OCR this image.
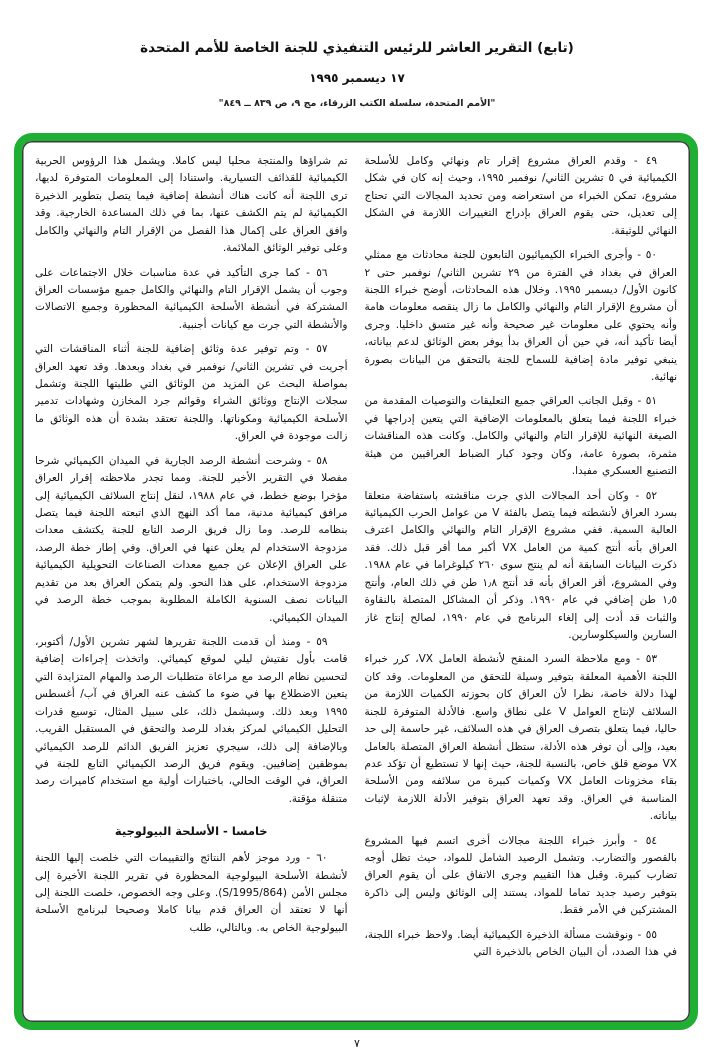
(تابع) التقرير العاشر للرئيس التنفيذي للجنة الخاصة للأمم المتحدة
١٧ ديسمبر ١٩٩٥
"الأمم المتحدة، سلسلة الكتب الزرقاء، مج ٩، ص ٨٣٩ ــ ٨٤٩"

٤٩ - وقدم العراق مشروع إقرار تام ونهائي وكامل للأسلحة الكيميائية في ٥ تشرين الثاني/ نوفمبر ١٩٩٥، وحيث إنه كان في شكل مشروع، تمكن الخبراء من استعراضه ومن تحديد المجالات التي تحتاج إلى تعديل، حتى يقوم العراق بإدراج التغييرات اللازمة في الشكل النهائي للوثيقة.

٥٠ - وأجرى الخبراء الكيميائيون التابعون للجنة محادثات مع ممثلي العراق في بغداد في الفترة من ٢٩ تشرين الثاني/ نوفمبر حتى ٢ كانون الأول/ ديسمبر ١٩٩٥. وخلال هذه المحادثات، أوضح خبراء اللجنة أن مشروع الإقرار التام والنهائي والكامل ما زال ينقصه معلومات هامة وأنه يحتوي على معلومات غير صحيحة وأنه غير متسق داخليا. وجرى أيضا تأكيد أنه، في حين أن العراق بدأ يوفر بعض الوثائق لدعم بياناته، ينبغي توفير مادة إضافية للسماح للجنة بالتحقق من البيانات بصورة نهائية.

٥١ - وقبل الجانب العراقي جميع التعليقات والتوصيات المقدمة من خبراء اللجنة فيما يتعلق بالمعلومات الإضافية التي يتعين إدراجها في الصيغة النهائية للإقرار التام والنهائي والكامل. وكانت هذه المناقشات مثمرة، بصورة عامة، وكان وجود كبار الضباط العراقيين من هيئة التصنيع العسكري مفيدا.

٥٢ - وكان أحد المجالات الذي جرت مناقشته باستفاضة متعلقا بسرد العراق لأنشطته فيما يتصل بالفئة V من عوامل الحرب الكيميائية العالية السمية. ففي مشروع الإقرار التام والنهائي والكامل اعترف العراق بأنه أنتج كمية من العامل VX أكبر مما أقر قبل ذلك. فقد ذكرت البيانات السابقة أنه لم ينتج سوى ٢٦٠ كيلوغراما في عام ١٩٨٨. وفي المشروع، أقر العراق بأنه قد أنتج ١٫٨ طن في ذلك العام، وأنتج ١٫٥ طن إضافي في عام ١٩٩٠. وذكر أن المشاكل المتصلة بالنقاوة والثبات قد أدت إلى إلغاء البرنامج في عام ١٩٩٠، لصالح إنتاج غاز السارين والسيكلوسارين.

٥٣ - ومع ملاحظة السرد المنقح لأنشطة العامل VX، كرر خبراء اللجنة الأهمية المعلقة بتوفير وسيلة للتحقق من المعلومات. وقد كان لهذا دلالة خاصة، نظرا لأن العراق كان بحوزته الكميات اللازمة من السلائف لإنتاج العوامل V على نطاق واسع. فالأدلة المتوفرة للجنة حاليا، فيما يتعلق بتصرف العراق في هذه السلائف، غير حاسمة إلى حد بعيد، وإلى أن توفر هذه الأدلة، ستظل أنشطة العراق المتصلة بالعامل VX موضع قلق خاص، بالنسبة للجنة، حيث إنها لا تستطيع أن تؤكد عدم بقاء مخزونات العامل VX وكميات كبيرة من سلائفه ومن الأسلحة المناسبة في العراق. وقد تعهد العراق بتوفير الأدلة اللازمة لإثبات بياناته.

٥٤ - وأبرز خبراء اللجنة مجالات أخرى اتسم فيها المشروع بالقصور والتضارب. وتشمل الرصيد الشامل للمواد، حيث تظل أوجه تضارب كبيرة. وقبل هذا التقييم وجرى الاتفاق على أن يقوم العراق بتوفير رصيد جديد تماما للمواد، يستند إلى الوثائق وليس إلى ذاكرة المشتركين في الأمر فقط.

٥٥ - ونوقشت مسألة الذخيرة الكيميائية أيضا. ولاحظ خبراء اللجنة، في هذا الصدد، أن البيان الخاص بالذخيرة التي

تم شراؤها والمنتجة محليا ليس كاملا. ويشمل هذا الرؤوس الحربية الكيميائية للقذائف التسيارية. واستنادا إلى المعلومات المتوفرة لديها، ترى اللجنة أنه كانت هناك أنشطة إضافية فيما يتصل بتطوير الذخيرة الكيميائية لم يتم الكشف عنها، بما في ذلك المساعدة الخارجية. وقد وافق العراق على إكمال هذا الفصل من الإقرار التام والنهائي والكامل وعلى توفير الوثائق الملائمة.

٥٦ - كما جرى التأكيد في عدة مناسبات خلال الاجتماعات على وجوب أن يشمل الإقرار التام والنهائي والكامل جميع مؤسسات العراق المشتركة في أنشطة الأسلحة الكيميائية المحظورة وجميع الاتصالات والأنشطة التي جرت مع كيانات أجنبية.

٥٧ - وتم توفير عدة وثائق إضافية للجنة أثناء المناقشات التي أجريت في تشرين الثاني/ نوفمبر في بغداد وبعدها. وقد تعهد العراق بمواصلة البحث عن المزيد من الوثائق التي طلبتها اللجنة وتشمل سجلات الإنتاج ووثائق الشراء وقوائم جرد المخازن وشهادات تدمير الأسلحة الكيميائية ومكوناتها. واللجنة تعتقد بشدة أن هذه الوثائق ما زالت موجودة في العراق.

٥٨ - وشرحت أنشطة الرصد الجارية في الميدان الكيميائي شرحا مفصلا في التقرير الأخير للجنة. ومما تجدر ملاحظته إقرار العراق مؤخرا بوضع خطط، في عام ١٩٨٨، لنقل إنتاج السلائف الكيميائية إلى مرافق كيميائية مدنية، مما أكد النهج الذي اتبعته اللجنة فيما يتصل بنظامه للرصد. وما زال فريق الرصد التابع للجنة يكتشف معدات مزدوجة الاستخدام لم يعلن عنها في العراق. وفي إطار خطة الرصد، على العراق الإعلان عن جميع معدات الصناعات التحويلية الكيميائية مزدوجة الاستخدام، على هذا النحو. ولم يتمكن العراق بعد من تقديم البيانات نصف السنوية الكاملة المطلوبة بموجب خطة الرصد في الميدان الكيميائي.

٥٩ - ومنذ أن قدمت اللجنة تقريرها لشهر تشرين الأول/ أكتوبر، قامت بأول تفتيش ليلي لموقع كيميائي. واتخذت إجراءات إضافية لتحسين نظام الرصد مع مراعاة متطلبات الرصد والمهام المتزايدة التي يتعين الاضطلاع بها في ضوء ما كشف عنه العراق في آب/ أغسطس ١٩٩٥ وبعد ذلك. وسيشمل ذلك، على سبيل المثال، توسيع قدرات التحليل الكيميائي لمركز بغداد للرصد والتحقق في المستقبل القريب. وبالإضافة إلى ذلك، سيجري تعزيز الفريق الدائم للرصد الكيميائي بموظفين إضافيين. ويقوم فريق الرصد الكيميائي التابع للجنة في العراق، في الوقت الحالي، باختبارات أولية مع استخدام كاميرات رصد متنقلة مؤقتة.

خامسا - الأسلحة البيولوجية

٦٠ - ورد موجز لأهم النتائج والتقييمات التي خلصت إليها اللجنة لأنشطة الأسلحة البيولوجية المحظورة في تقرير اللجنة الأخيرة إلى مجلس الأمن (S/1995/864). وعلى وجه الخصوص، خلصت اللجنة إلى أنها لا تعتقد أن العراق قدم بيانا كاملا وصحيحا لبرنامج الأسلحة البيولوجية الخاص به. وبالتالي، طلب

٧
